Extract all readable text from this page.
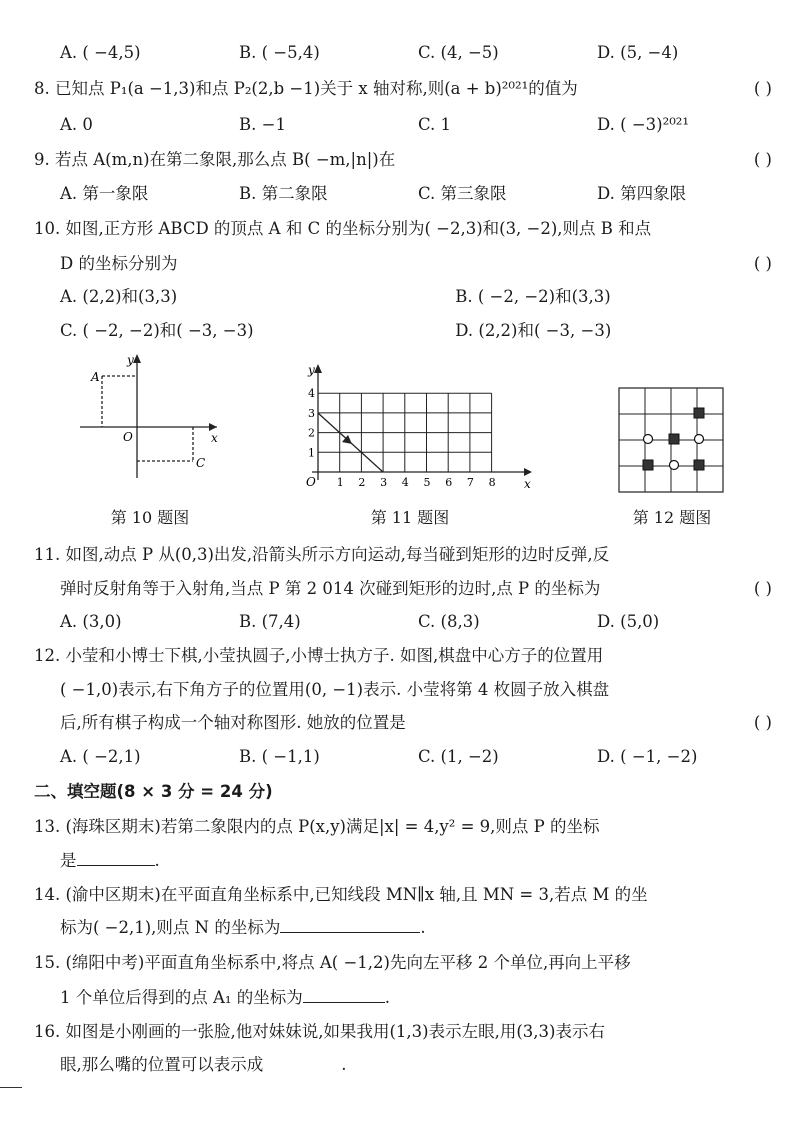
A. ( −4,5)	B. ( −5,4)	C. (4, −5)	D. (5, −4)
8. 已知点 P₁(a −1,3)和点 P₂(2,b −1)关于 x 轴对称,则(a + b)²⁰²¹的值为	( )
A. 0	B. −1	C. 1	D. ( −3)²⁰²¹
9. 若点 A(m,n)在第二象限,那么点 B( −m,|n|)在	( )
A. 第一象限	B. 第二象限	C. 第三象限	D. 第四象限
10. 如图,正方形 ABCD 的顶点 A 和 C 的坐标分别为( −2,3)和(3, −2),则点 B 和点
D 的坐标分别为	( )
A. (2,2)和(3,3)	B. ( −2, −2)和(3,3)
C. ( −2, −2)和( −3, −3)	D. (2,2)和( −3, −3)
A
C
O	x
y
第 10 题图
1 2 3 4 5 6 7 8
1
2
3
4
O	x
y
第 11 题图	第 12 题图
11. 如图,动点 P 从(0,3)出发,沿箭头所示方向运动,每当碰到矩形的边时反弹,反
弹时反射角等于入射角,当点 P 第 2 014 次碰到矩形的边时,点 P 的坐标为	( )
A. (3,0)	B. (7,4)	C. (8,3)	D. (5,0)
12. 小莹和小博士下棋,小莹执圆子,小博士执方子. 如图,棋盘中心方子的位置用
( −1,0)表示,右下角方子的位置用(0, −1)表示. 小莹将第 4 枚圆子放入棋盘
后,所有棋子构成一个轴对称图形. 她放的位置是	( )
A. ( −2,1)	B. ( −1,1)	C. (1, −2)	D. ( −1, −2)
二、填空题(8 × 3 分 = 24 分)
13. (海珠区期末)若第二象限内的点 P(x,y)满足|x| = 4,y² = 9,则点 P 的坐标
是	.
14. (渝中区期末)在平面直角坐标系中,已知线段 MN∥x 轴,且 MN = 3,若点 M 的坐
标为( −2,1),则点 N 的坐标为	.
15. (绵阳中考)平面直角坐标系中,将点 A( −1,2)先向左平移 2 个单位,再向上平移
1 个单位后得到的点 A₁ 的坐标为	.
16. 如图是小刚画的一张脸,他对妹妹说,如果我用(1,3)表示左眼,用(3,3)表示右
眼,那么嘴的位置可以表示成	.
